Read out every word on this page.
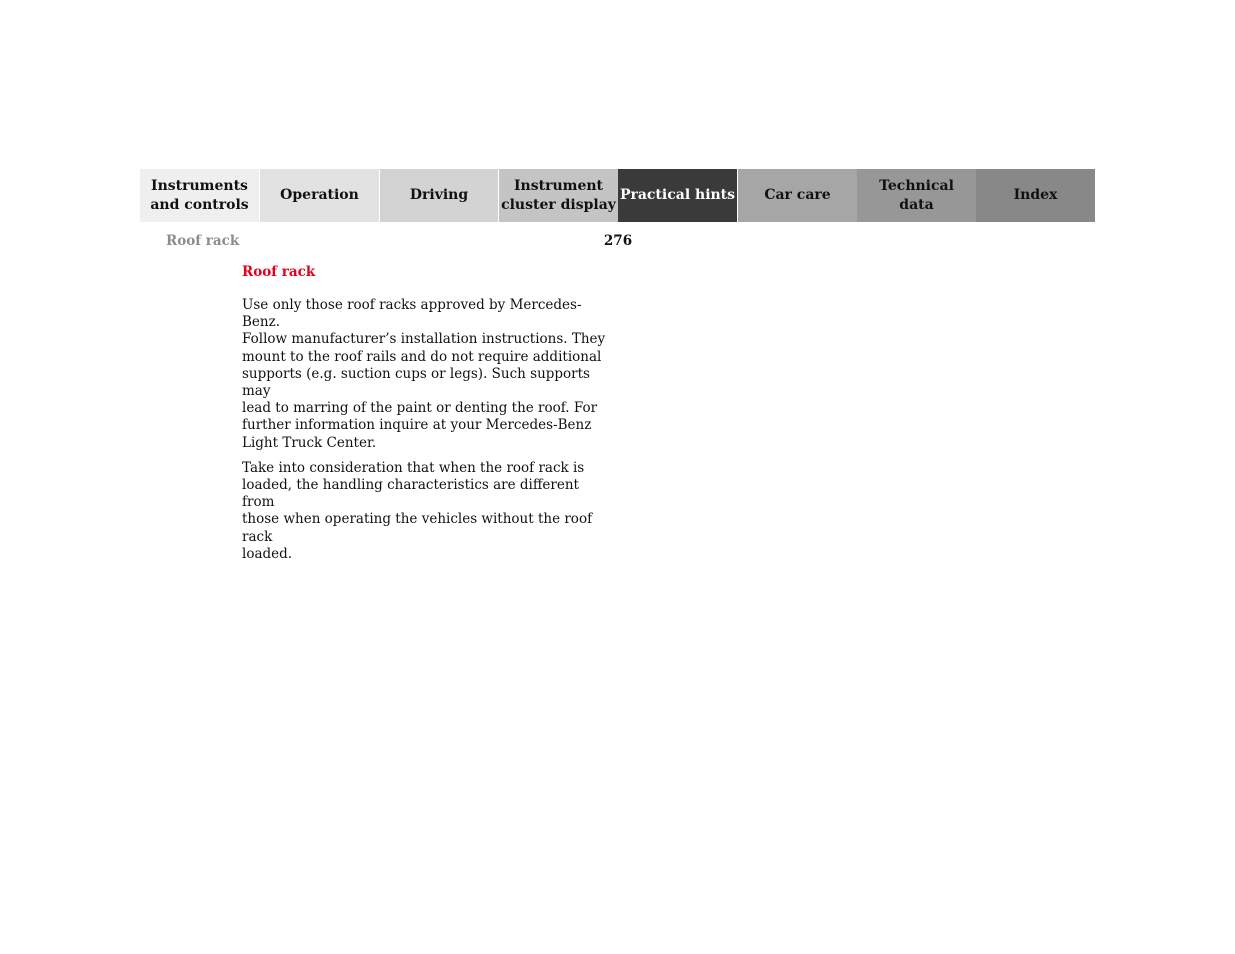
Instruments
and controls
Operation	Driving
Instrument
cluster display
Practical hints	Car care
Technical
data
Index
Roof rack	276
Roof rack

Use only those roof racks approved by Mercedes-Benz.
Follow manufacturer’s installation instructions. They
mount to the roof rails and do not require additional
supports (e.g. suction cups or legs). Such supports may
lead to marring of the paint or denting the roof. For
further information inquire at your Mercedes-Benz
Light Truck Center.

Take into consideration that when the roof rack is
loaded, the handling characteristics are different from
those when operating the vehicles without the roof rack
loaded.
